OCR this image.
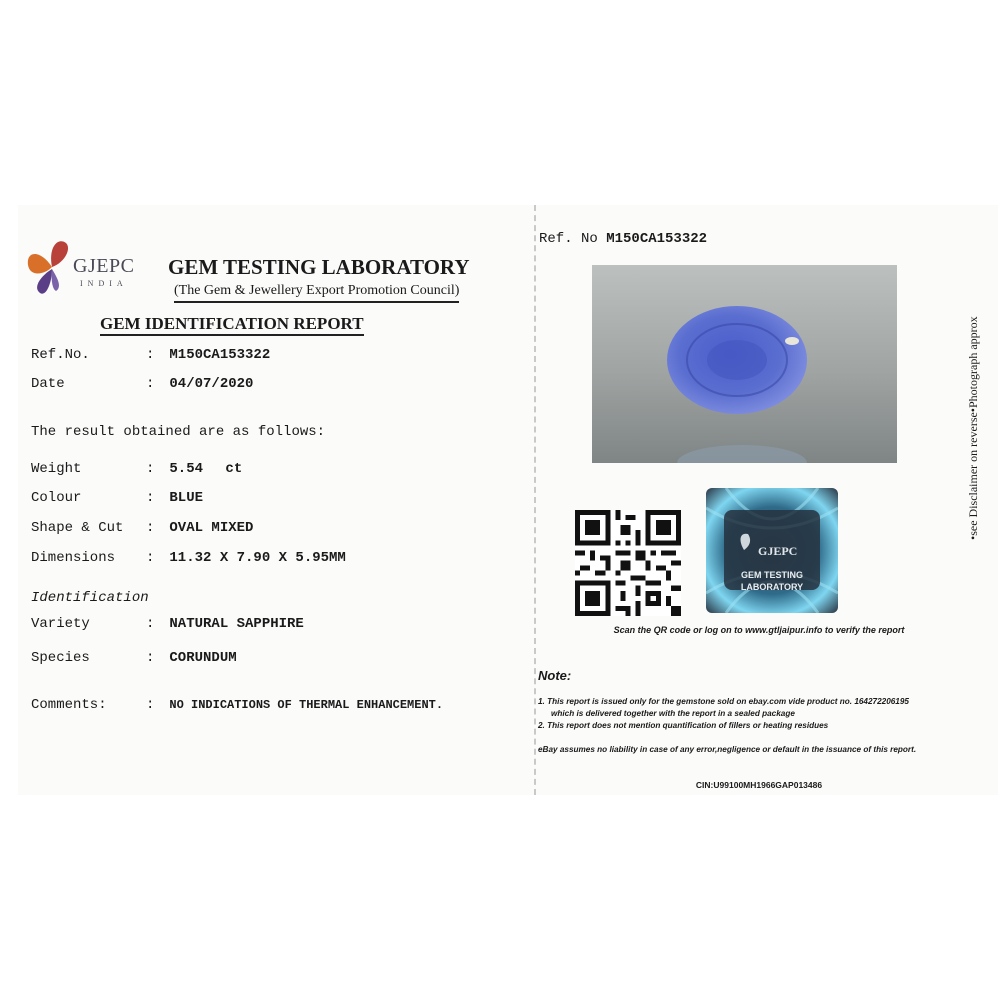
GJEPC
INDIA
GEM TESTING LABORATORY
(The Gem & Jewellery Export Promotion Council)
GEM IDENTIFICATION REPORT
Ref.No.	: M150CA153322
Date	: 04/07/2020
The result obtained are as follows:
Weight	: 5.54 ct
Colour	: BLUE
Shape & Cut : OVAL MIXED
Dimensions : 11.32 X 7.90 X 5.95MM
Identification
Variety	: NATURAL SAPPHIRE
Species	: CORUNDUM
Comments:	: NO INDICATIONS OF THERMAL ENHANCEMENT.
Ref. No M150CA153322
GJEPC
GEM TESTING
LABORATORY
Scan the QR code or log on to www.gtljaipur.info to verify the report
Note:
1. This report is issued only for the gemstone sold on ebay.com vide product no. 164272206195
which is delivered together with the report in a sealed package
2. This report does not mention quantification of fillers or heating residues
eBay assumes no liability in case of any error,negligence or default in the issuance of this report.
CIN:U99100MH1966GAP013486
•see Disclaimer on reverse•Photograph approx
